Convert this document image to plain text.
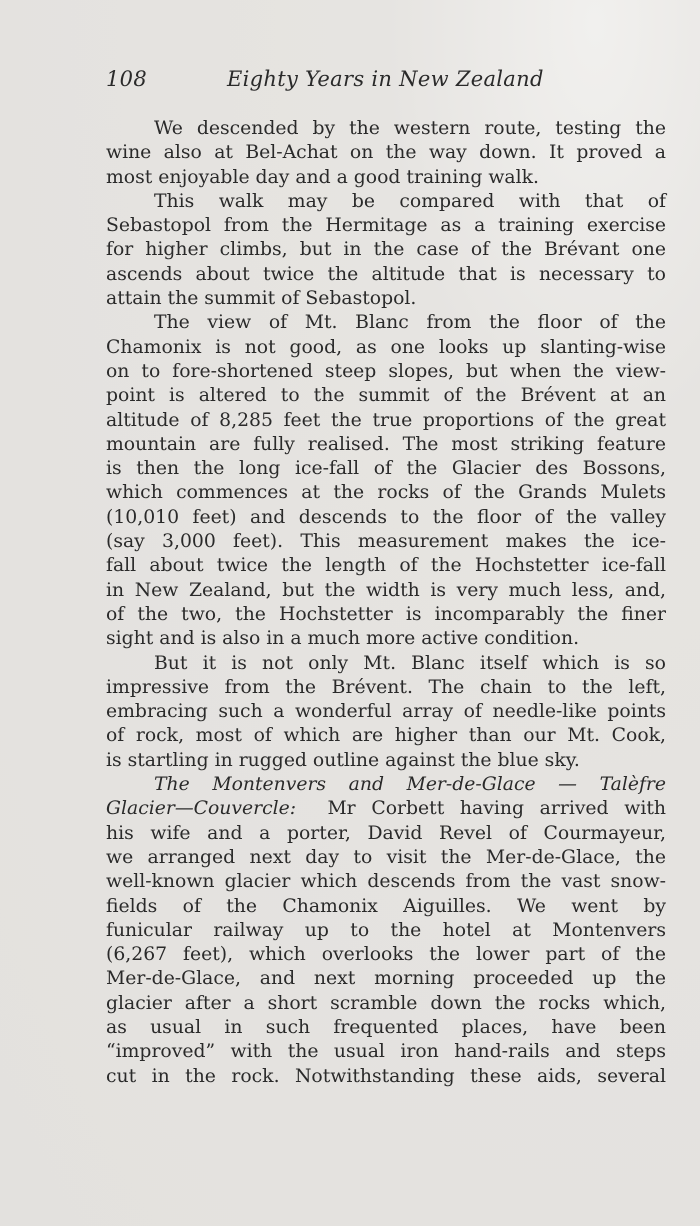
108	Eighty Years in New Zealand
We descended by the western route, testing the
wine also at Bel-Achat on the way down. It proved a
most enjoyable day and a good training walk.
This walk may be compared with that of
Sebastopol from the Hermitage as a training exercise
for higher climbs, but in the case of the Brévant one
ascends about twice the altitude that is necessary to
attain the summit of Sebastopol.
The view of Mt. Blanc from the floor of the
Chamonix is not good, as one looks up slanting-wise
on to fore-shortened steep slopes, but when the view-
point is altered to the summit of the Brévent at an
altitude of 8,285 feet the true proportions of the great
mountain are fully realised. The most striking feature
is then the long ice-fall of the Glacier des Bossons,
which commences at the rocks of the Grands Mulets
(10,010 feet) and descends to the floor of the valley
(say 3,000 feet). This measurement makes the ice-
fall about twice the length of the Hochstetter ice-fall
in New Zealand, but the width is very much less, and,
of the two, the Hochstetter is incomparably the finer
sight and is also in a much more active condition.
But it is not only Mt. Blanc itself which is so
impressive from the Brévent. The chain to the left,
embracing such a wonderful array of needle-like points
of rock, most of which are higher than our Mt. Cook,
is startling in rugged outline against the blue sky.
The Montenvers and Mer-de-Glace — Talèfre
Glacier—Couvercle: Mr Corbett having arrived with
his wife and a porter, David Revel of Courmayeur,
we arranged next day to visit the Mer-de-Glace, the
well-known glacier which descends from the vast snow-
fields of the Chamonix Aiguilles. We went by
funicular railway up to the hotel at Montenvers
(6,267 feet), which overlooks the lower part of the
Mer-de-Glace, and next morning proceeded up the
glacier after a short scramble down the rocks which,
as usual in such frequented places, have been
“improved” with the usual iron hand-rails and steps
cut in the rock. Notwithstanding these aids, several
